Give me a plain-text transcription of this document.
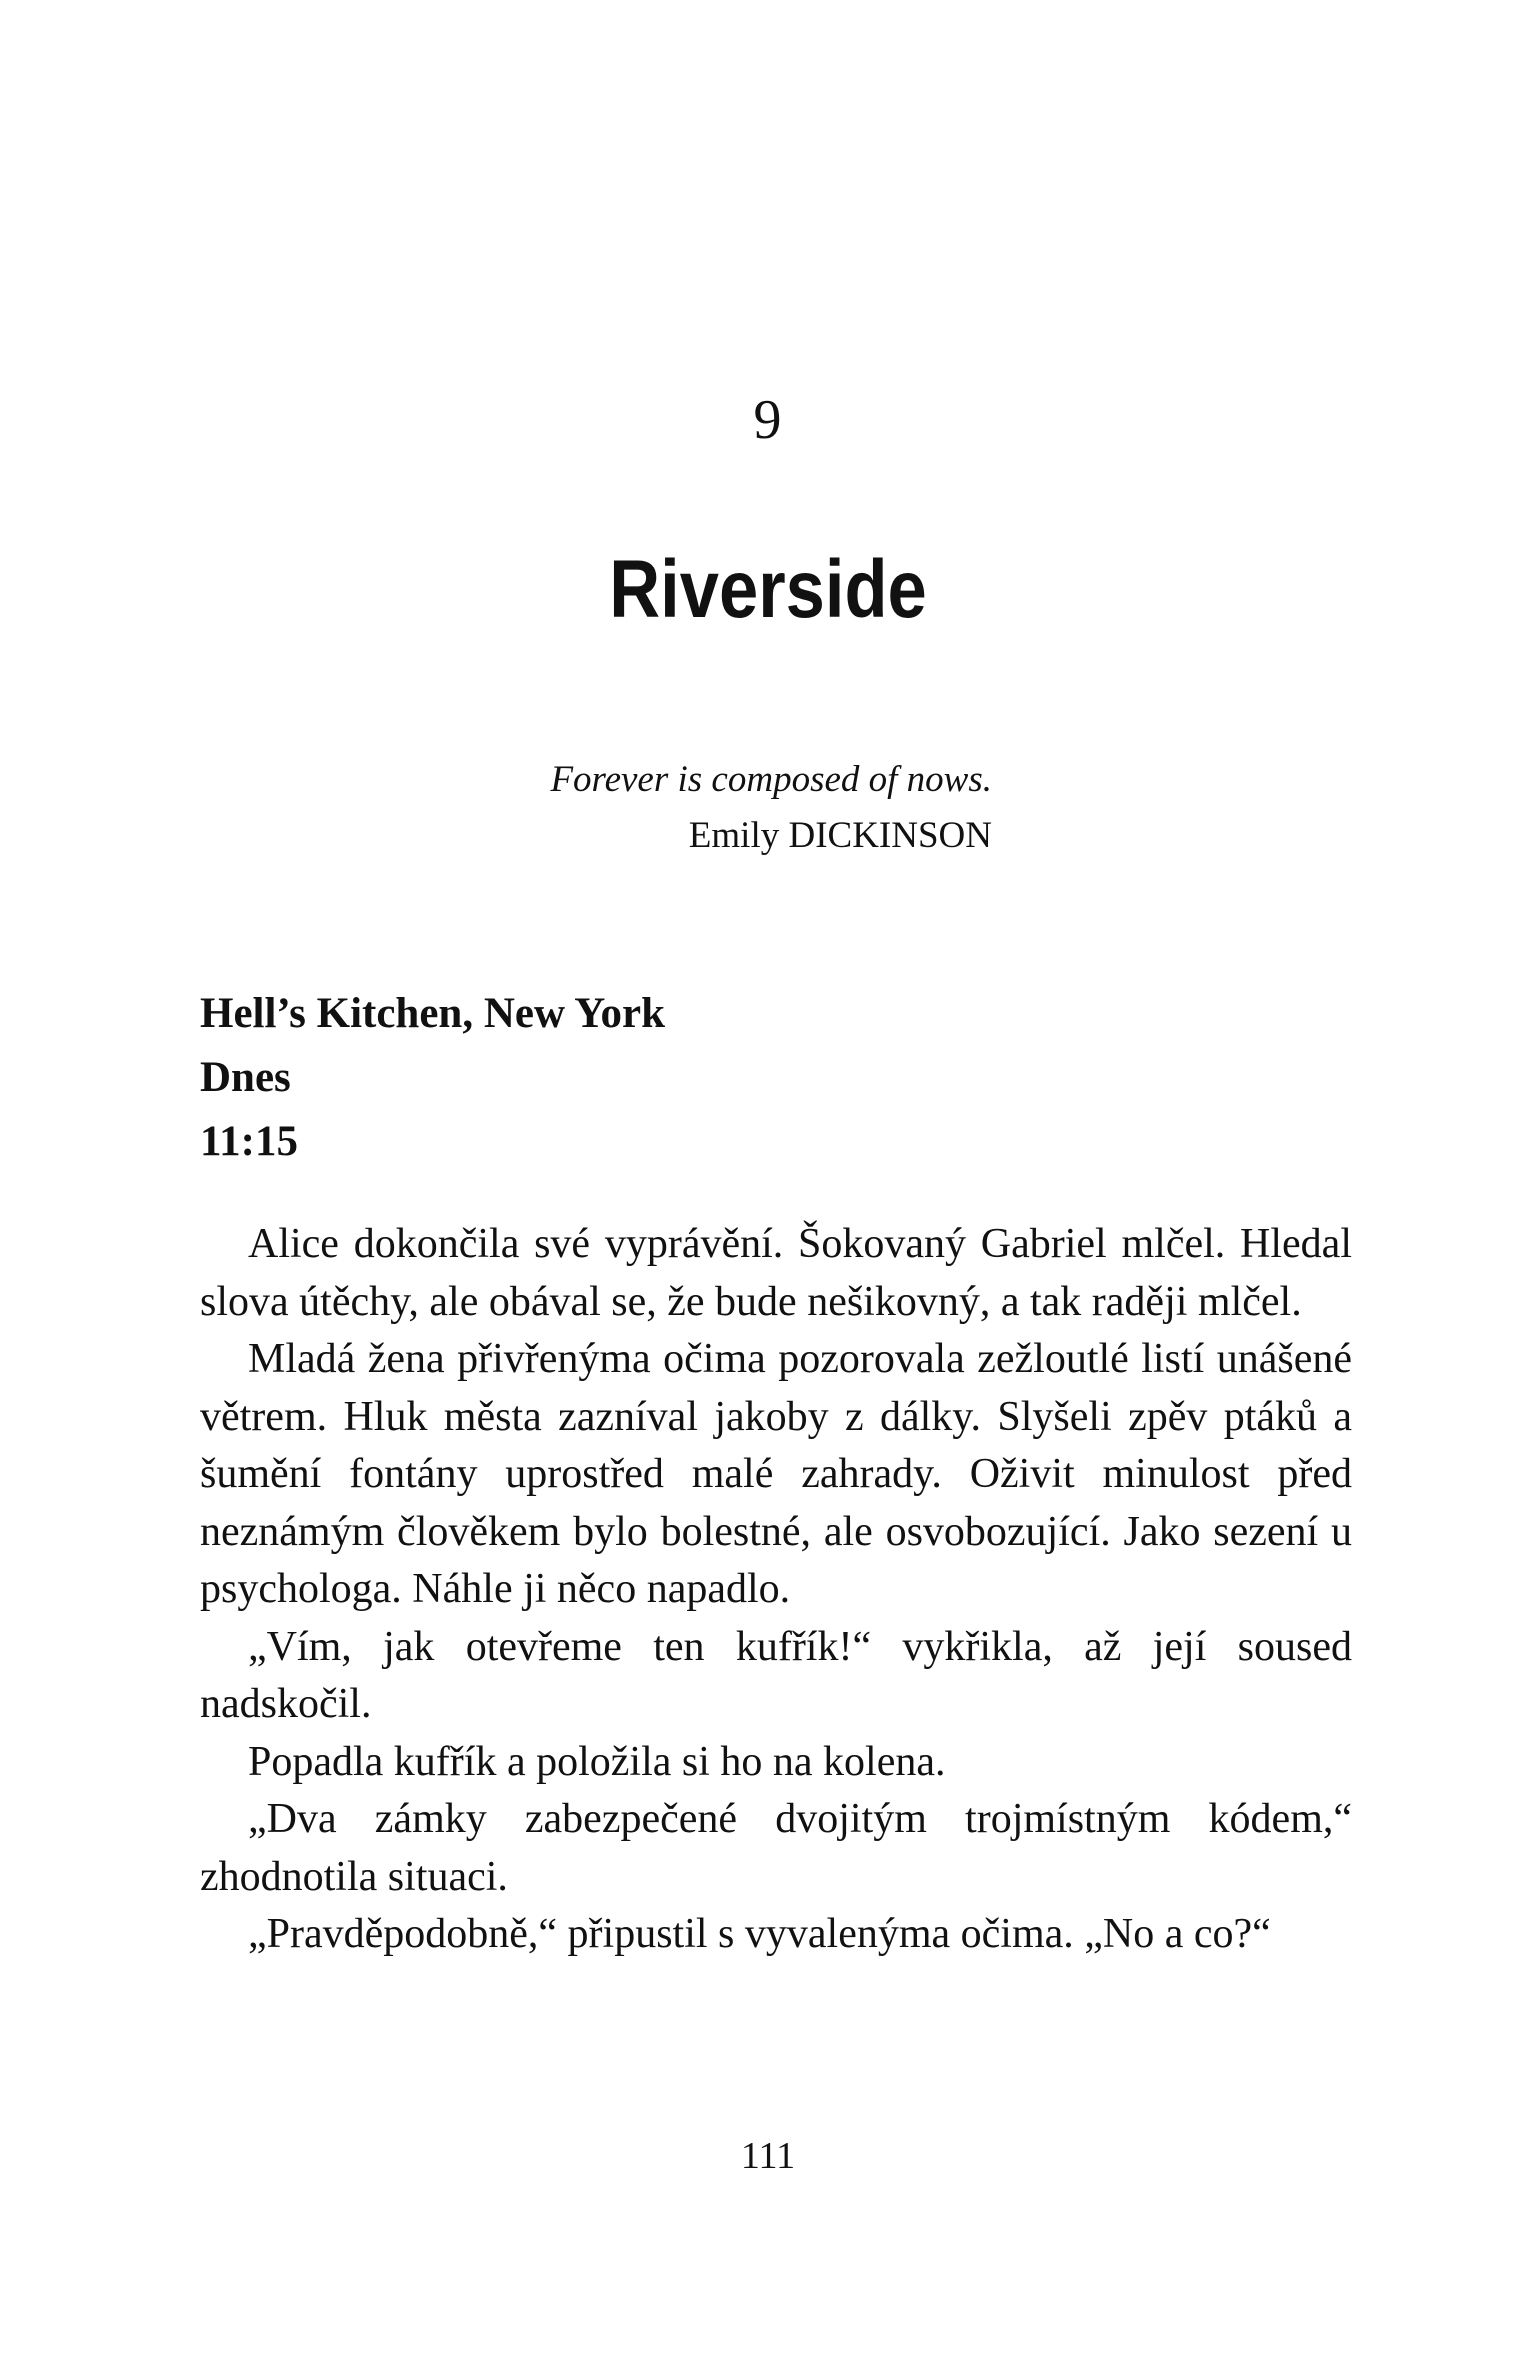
9
Riverside
Forever is composed of nows.
Emily DICKINSON
Hell’s Kitchen, New York
Dnes
11:15

Alice dokončila své vyprávění. Šokovaný Gabriel mlčel. Hledal slova útěchy, ale obával se, že bude nešikovný, a tak raději mlčel.

Mladá žena přivřenýma očima pozorovala zežloutlé listí unášené větrem. Hluk města zazníval jakoby z dálky. Slyšeli zpěv ptáků a šumění fontány uprostřed malé zahrady. Oživit minulost před neznámým člověkem bylo bolestné, ale osvobozující. Jako sezení u psychologa. Náhle ji něco napadlo.

„Vím, jak otevřeme ten kufřík!“ vykřikla, až její soused nadskočil.

Popadla kufřík a položila si ho na kolena.

„Dva zámky zabezpečené dvojitým trojmístným kódem,“ zhodnotila situaci.

„Pravděpodobně,“ připustil s vyvalenýma očima. „No a co?“

111
